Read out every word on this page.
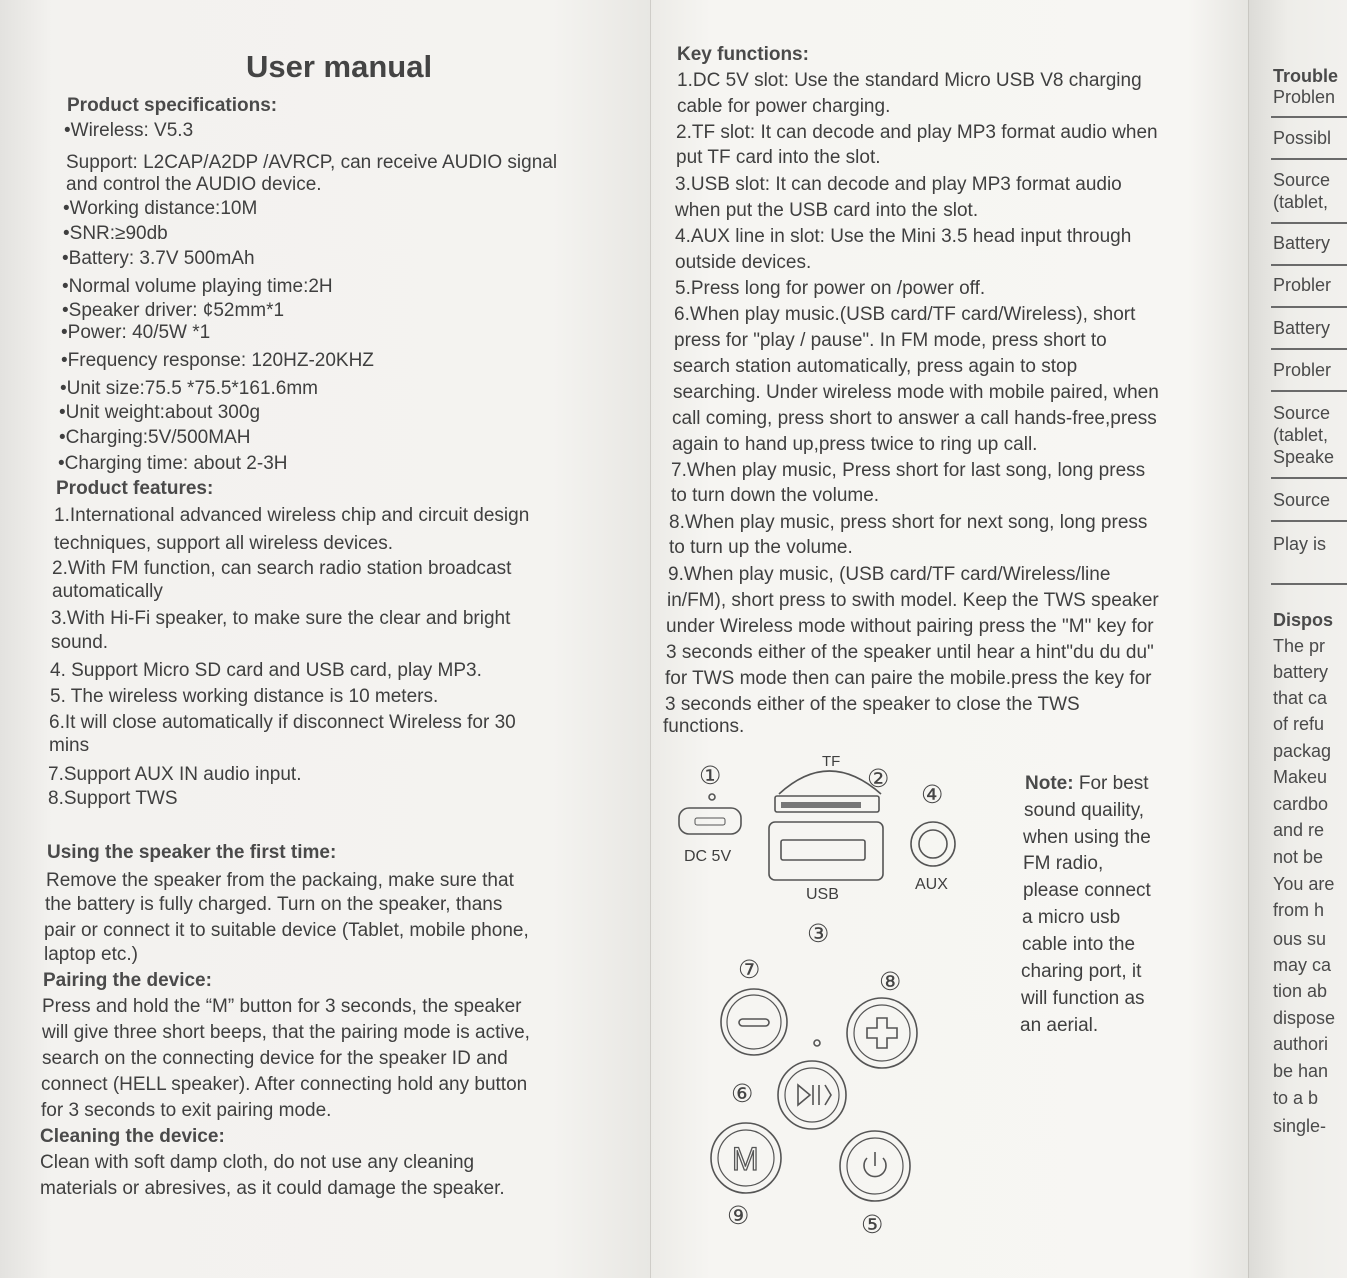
User manual
Product specifications:
•Wireless: V5.3
Support: L2CAP/A2DP /AVRCP, can receive AUDIO signal
and control the AUDIO device.
•Working distance:10M
•SNR:≥90db
•Battery: 3.7V 500mAh
•Normal volume playing time:2H
•Speaker driver: ¢52mm*1
•Power: 40/5W *1
•Frequency response: 120HZ-20KHZ
•Unit size:75.5 *75.5*161.6mm
•Unit weight:about 300g
•Charging:5V/500MAH
•Charging time: about 2-3H
Product features:
1.International advanced wireless chip and circuit design
techniques, support all wireless devices.
2.With FM function, can search radio station broadcast
automatically
3.With Hi-Fi speaker, to make sure the clear and bright
sound.
4. Support Micro SD card and USB card, play MP3.
5. The wireless working distance is 10 meters.
6.It will close automatically if disconnect Wireless for 30
mins
7.Support AUX IN audio input.
8.Support TWS
Using the speaker the first time:
Remove the speaker from the packaing, make sure that
the battery is fully charged. Turn on the speaker, thans
pair or connect it to suitable device (Tablet, mobile phone,
laptop etc.)
Pairing the device:
Press and hold the “M” button for 3 seconds, the speaker
will give three short beeps, that the pairing mode is active,
search on the connecting device for the speaker ID and
connect (HELL speaker). After connecting hold any button
for 3 seconds to exit pairing mode.
Cleaning the device:
Clean with soft damp cloth, do not use any cleaning
materials or abresives, as it could damage the speaker.
Key functions:
1.DC 5V slot: Use the standard Micro USB V8 charging
cable for power charging.
2.TF slot: It can decode and play MP3 format audio when
put TF card into the slot.
3.USB slot: It can decode and play MP3 format audio
when put the USB card into the slot.
4.AUX line in slot: Use the Mini 3.5 head input through
outside devices.
5.Press long for power on /power off.
6.When play music.(USB card/TF card/Wireless), short
press for "play / pause". In FM mode, press short to
search station automatically, press again to stop
searching. Under wireless mode with mobile paired, when
call coming, press short to answer a call hands-free,press
again to hand up,press twice to ring up call.
7.When play music, Press short for last song, long press
to turn down the volume.
8.When play music, press short for next song, long press
to turn up the volume.
9.When play music, (USB card/TF card/Wireless/line
in/FM), short press to swith model. Keep the TWS speaker
under Wireless mode without pairing press the "M" key for
3 seconds either of the speaker until hear a hint"du du du"
for TWS mode then can paire the mobile.press the key for
3 seconds either of the speaker to close the TWS
functions.
Note: For best
sound quaility,
when using the
FM radio,
please connect
a micro usb
cable into the
charing port, it
will function as
an aerial.
TF
DC 5V
USB
AUX
M
①	②
③
④
⑤
⑥
⑦	⑧
⑨
Trouble
Problen
Possibl
Source
(tablet,
Battery
Probler
Battery
Probler
Source
(tablet,
Speake
Source
Play is
Dispos
The pr
battery
that ca
of refu
packag
Makeu
cardbo
and re
not be
You are
from h
ous su
may ca
tion ab
dispose
authori
be han
to a b
single-
